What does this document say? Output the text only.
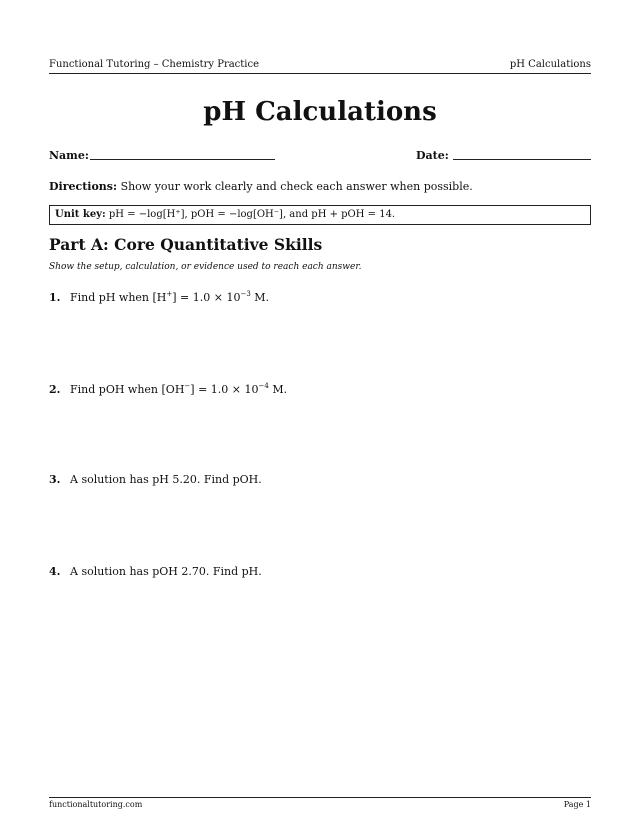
Functional Tutoring – Chemistry Practice	pH Calculations
pH Calculations
Name:	Date:
Directions: Show your work clearly and check each answer when possible.
Unit key: pH = −log[H⁺], pOH = −log[OH⁻], and pH + pOH = 14.
Part A: Core Quantitative Skills
Show the setup, calculation, or evidence used to reach each answer.
1. Find pH when $[H^+] = 1.0 \times 10^{-3}$ M.
2. Find pOH when $[OH^-] = 1.0 \times 10^{-4}$ M.
3. A solution has pH 5.20. Find pOH.
4. A solution has pOH 2.70. Find pH.
functionaltutoring.com	Page 1
